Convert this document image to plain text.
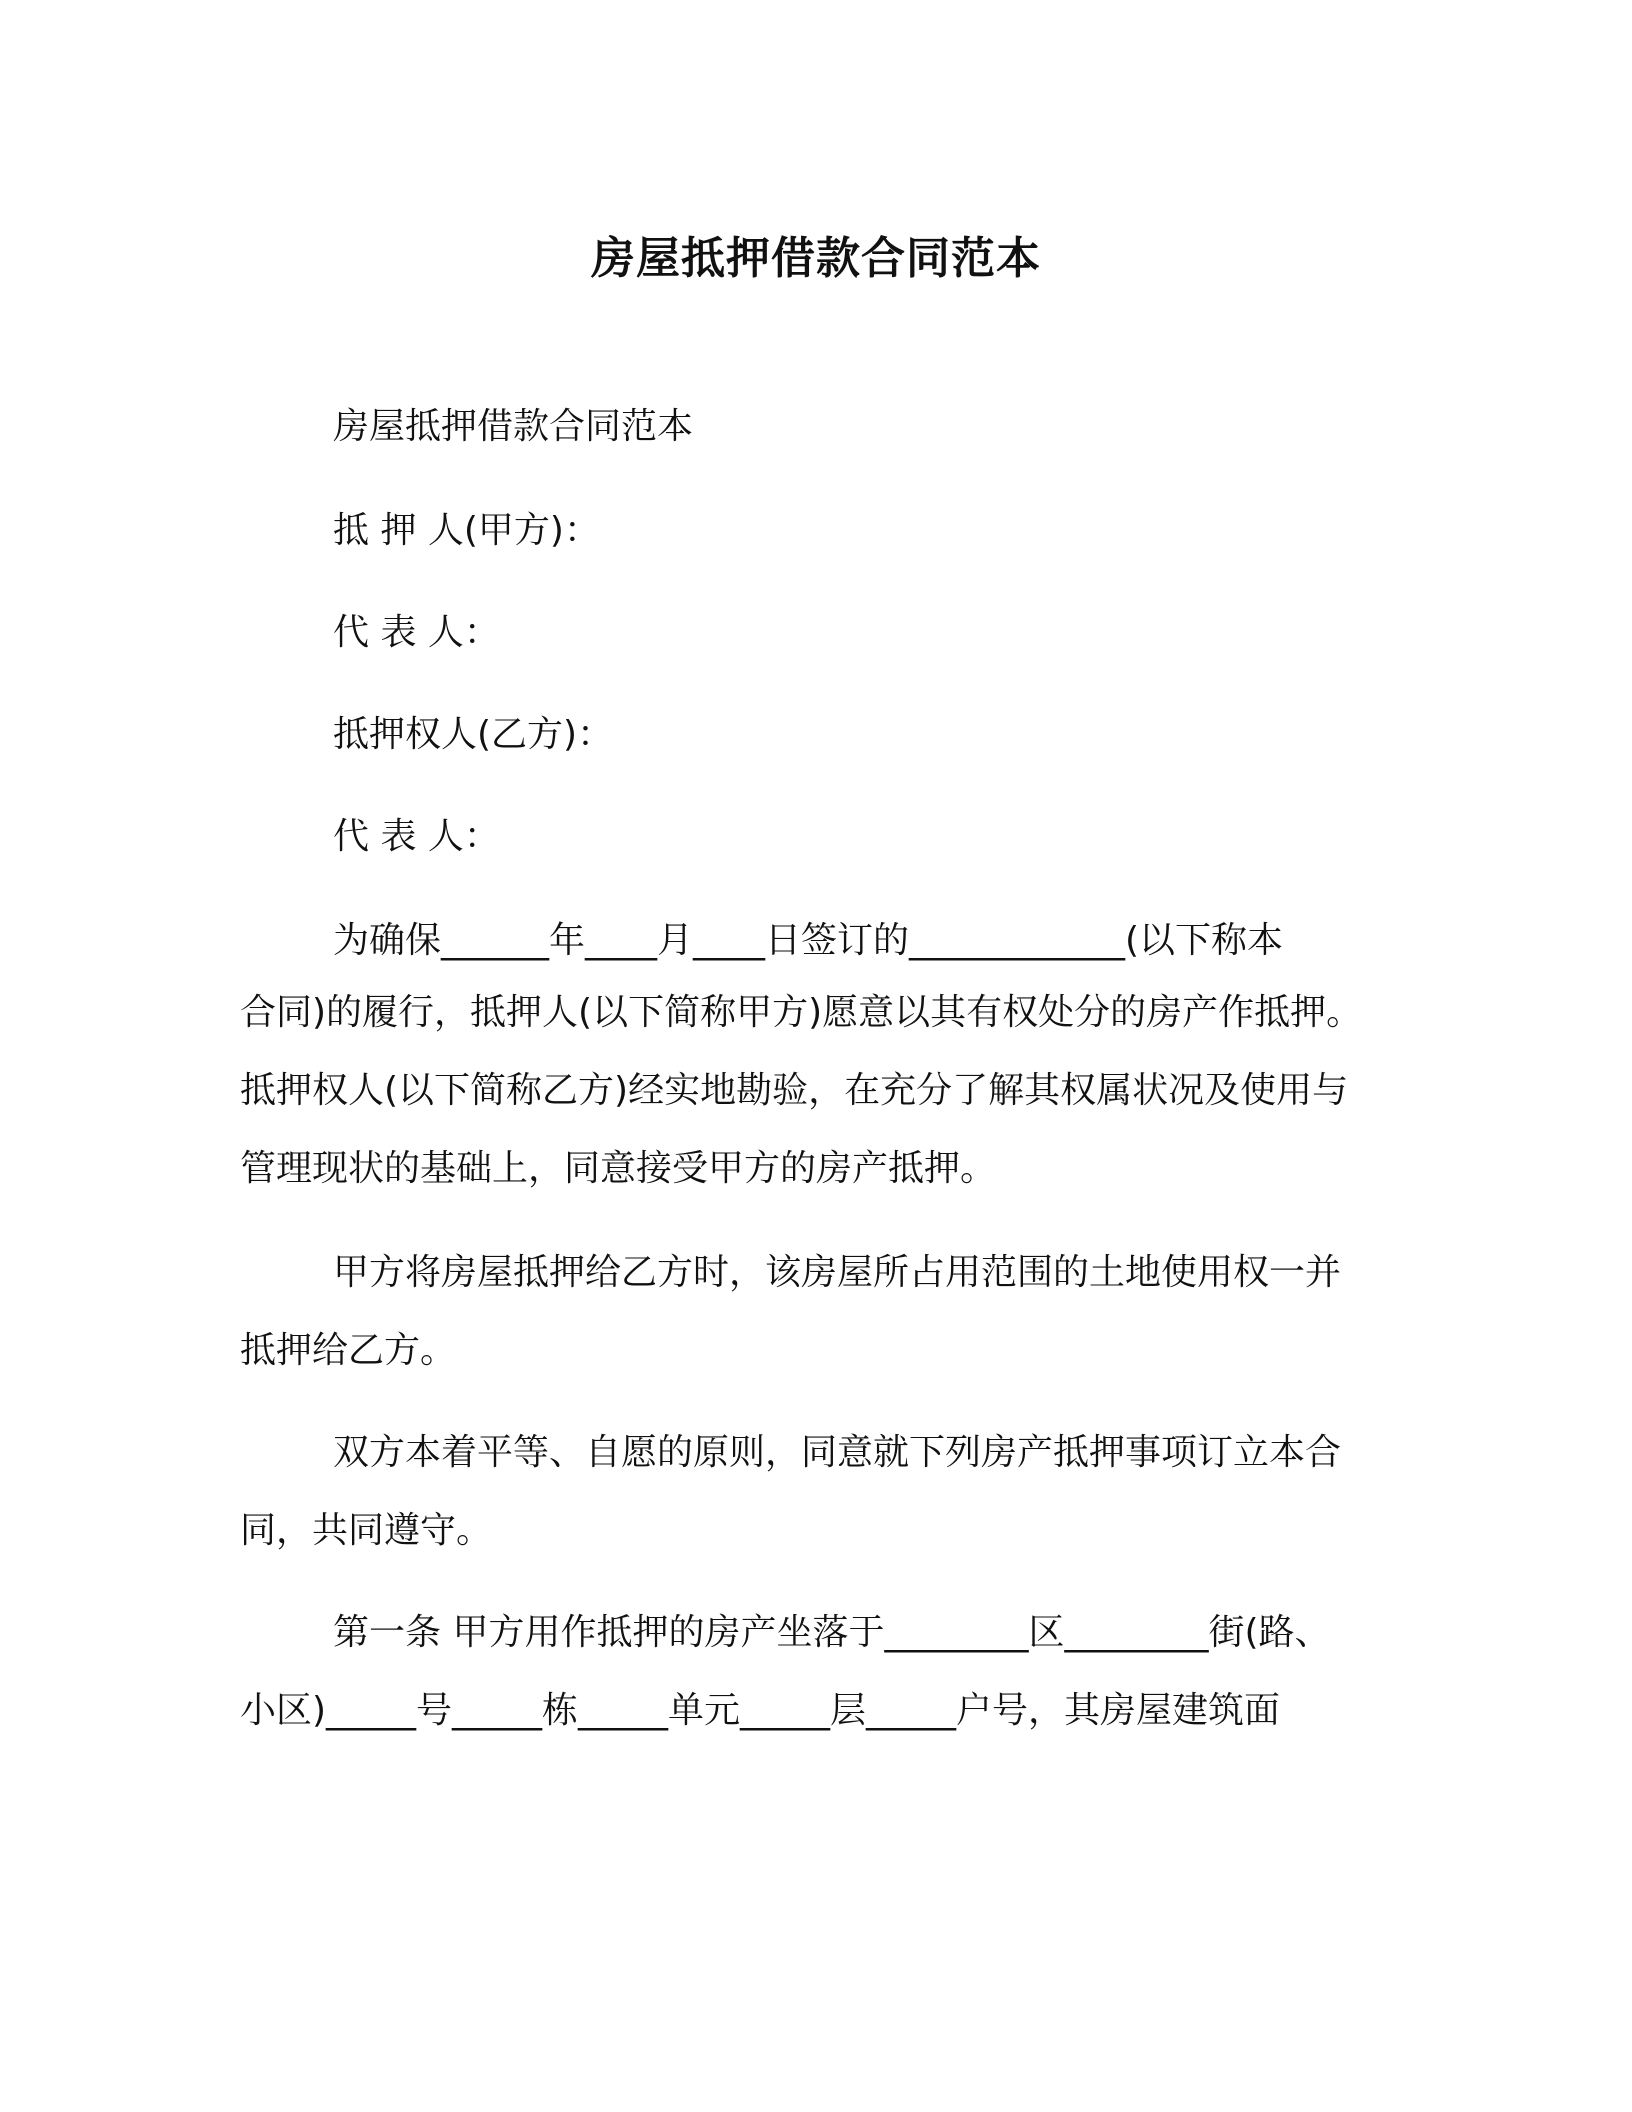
房屋抵押借款合同范本
房屋抵押借款合同范本
抵 押 人(甲方)：
代 表 人：
抵押权人(乙方)：
代 表 人：
为确保______年____月____日签订的____________(以下称本
合同)的履行，抵押人(以下简称甲方)愿意以其有权处分的房产作抵押。
抵押权人(以下简称乙方)经实地勘验，在充分了解其权属状况及使用与
管理现状的基础上，同意接受甲方的房产抵押。
甲方将房屋抵押给乙方时，该房屋所占用范围的土地使用权一并
抵押给乙方。
双方本着平等、自愿的原则，同意就下列房产抵押事项订立本合
同，共同遵守。
第一条 甲方用作抵押的房产坐落于________区________街(路、
小区)_____号_____栋_____单元_____层_____户号，其房屋建筑面
